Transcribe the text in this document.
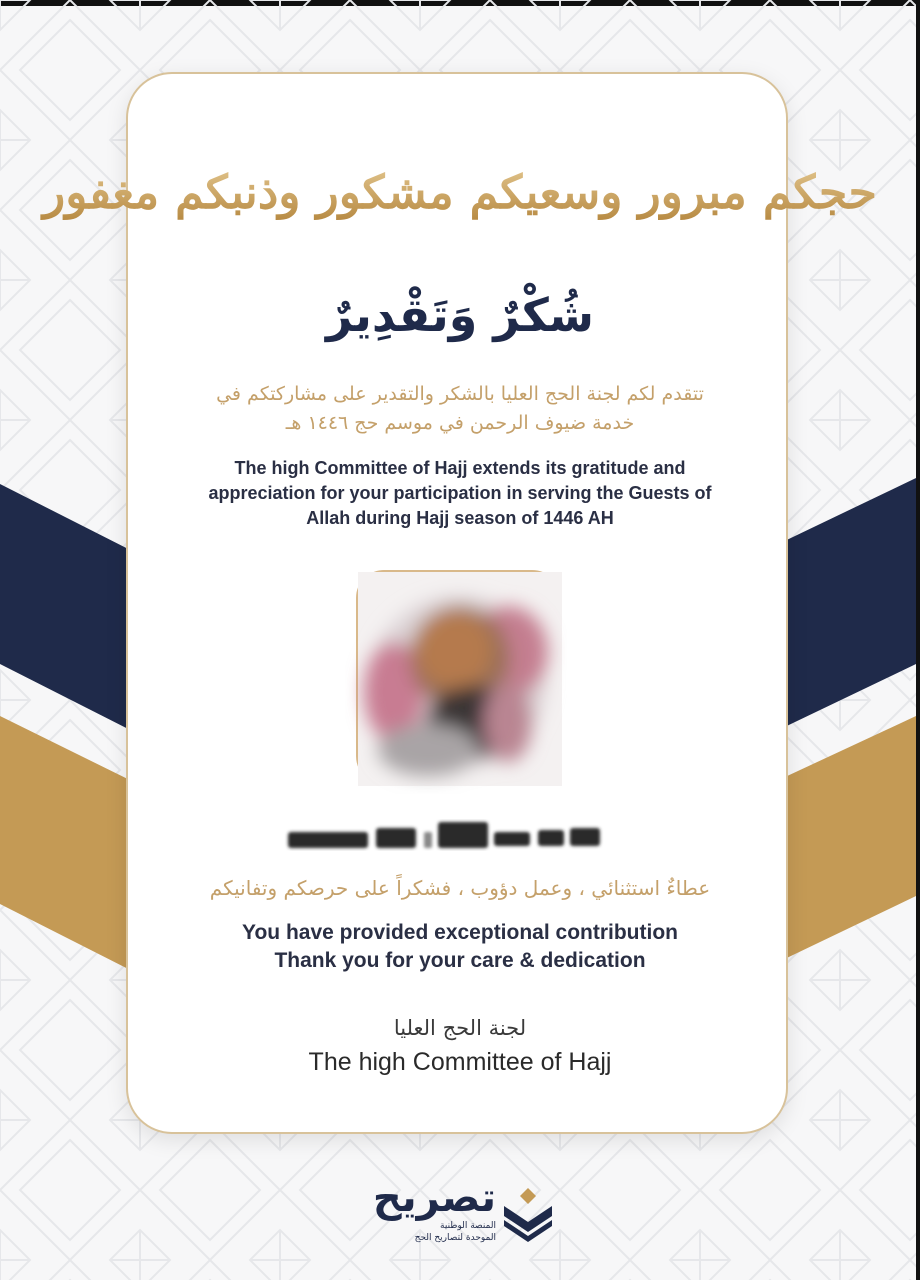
حجكم مبرور وسعيكم مشكور وذنبكم مغفور
شُكْرٌ وَتَقْدِيرٌ
تتقدم لكم لجنة الحج العليا بالشكر والتقدير على مشاركتكم في
خدمة ضيوف الرحمن في موسم حج ١٤٤٦ هـ
The high Committee of Hajj extends its gratitude and
appreciation for your participation in serving the Guests of
Allah during Hajj season of 1446 AH
عطاءٌ استثنائي ، وعمل دؤوب ، فشكراً على حرصكم وتفانيكم
You have provided exceptional contribution
Thank you for your care & dedication
لجنة الحج العليا
The high Committee of Hajj
تصريح
المنصة الوطنية
الموحدة لتصاريح الحج
